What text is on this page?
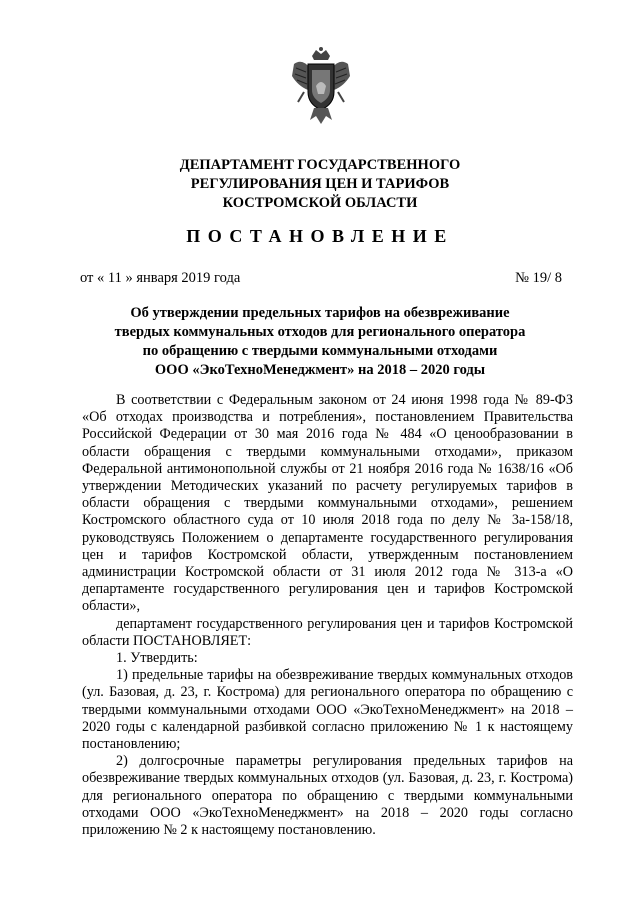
ДЕПАРТАМЕНТ ГОСУДАРСТВЕННОГО
РЕГУЛИРОВАНИЯ ЦЕН И ТАРИФОВ
КОСТРОМСКОЙ ОБЛАСТИ
ПОСТАНОВЛЕНИЕ
от « 11 » января 2019 года	№ 19/ 8
Об утверждении предельных тарифов на обезвреживание
твердых коммунальных отходов для регионального оператора
по обращению с твердыми коммунальными отходами
ООО «ЭкоТехноМенеджмент» на 2018 – 2020 годы

В соответствии с Федеральным законом от 24 июня 1998 года № 89-ФЗ «Об отходах производства и потребления», постановлением Правительства Российской Федерации от 30 мая 2016 года № 484 «О ценообразовании в области обращения с твердыми коммунальными отходами», приказом Федеральной антимонопольной службы от 21 ноября 2016 года № 1638/16 «Об утверждении Методических указаний по расчету регулируемых тарифов в области обращения с твердыми коммунальными отходами», решением Костромского областного суда от 10 июля 2018 года по делу № 3а-158/18, руководствуясь Положением о департаменте государственного регулирования цен и тарифов Костромской области, утвержденным постановлением администрации Костромской области от 31 июля 2012 года № 313-а «О департаменте государственного регулирования цен и тарифов Костромской области»,

департамент государственного регулирования цен и тарифов Костромской области ПОСТАНОВЛЯЕТ:

1. Утвердить:

1) предельные тарифы на обезвреживание твердых коммунальных отходов (ул. Базовая, д. 23, г. Кострома) для регионального оператора по обращению с твердыми коммунальными отходами ООО «ЭкоТехноМенеджмент» на 2018 – 2020 годы с календарной разбивкой согласно приложению № 1 к настоящему постановлению;

2) долгосрочные параметры регулирования предельных тарифов на обезвреживание твердых коммунальных отходов (ул. Базовая, д. 23, г. Кострома) для регионального оператора по обращению с твердыми коммунальными отходами ООО «ЭкоТехноМенеджмент» на 2018 – 2020 годы согласно приложению № 2 к настоящему постановлению.
